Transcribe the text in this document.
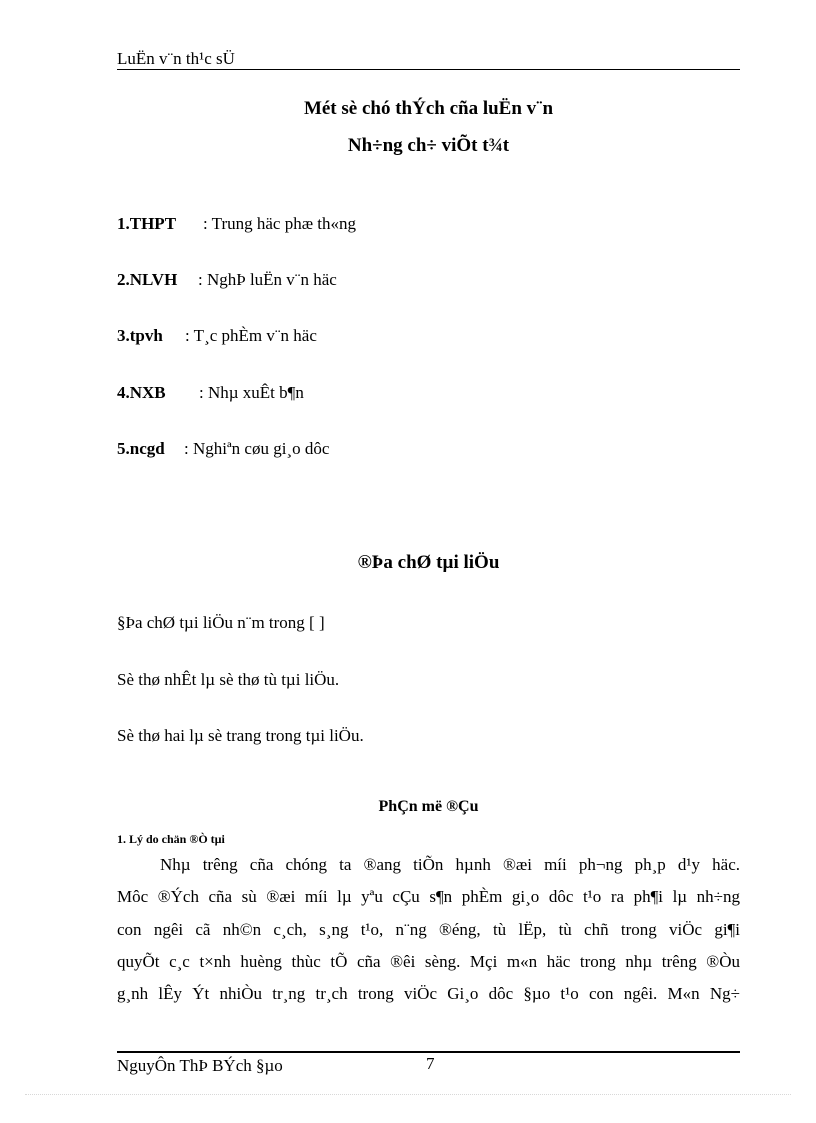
LuËn v¨n th¹c sÜ
Mét sè chó thÝch cña luËn v¨n
Nh÷ng ch÷ viÕt t¾t
1.THPT : Trung häc phæ th«ng
2.NLVH : NghÞ luËn v¨n häc
3.tpvh : T¸c phÈm v¨n häc
4.NXB : Nhµ xuÊt b¶n
5.ncgd : Nghiªn cøu gi¸o dôc
®Þa chØ tµi liÖu
§Þa chØ tµi liÖu n¨m trong [ ]
Sè thø nhÊt lµ sè thø tù tµi liÖu.
Sè thø hai lµ sè trang trong tµi liÖu.
PhÇn më ®Çu
1. Lý do chän ®Ò tµi
Nhµ trêng cña chóng ta ®ang tiÕn hµnh ®æi míi ph¬ng ph¸p d¹y häc.
Môc ®Ých cña sù ®æi míi lµ yªu cÇu s¶n phÈm gi¸o dôc t¹o ra ph¶i lµ nh÷ng
con ngêi cã nh©n c¸ch, s¸ng t¹o, n¨ng ®éng, tù lËp, tù chñ trong viÖc gi¶i
quyÕt c¸c t×nh huèng thùc tÕ cña ®êi sèng. Mçi m«n häc trong nhµ trêng ®Òu
g¸nh lÊy Ýt nhiÒu tr¸ng tr¸ch trong viÖc Gi¸o dôc §µo t¹o con ngêi. M«n Ng÷
NguyÔn ThÞ BÝch §µo	7
